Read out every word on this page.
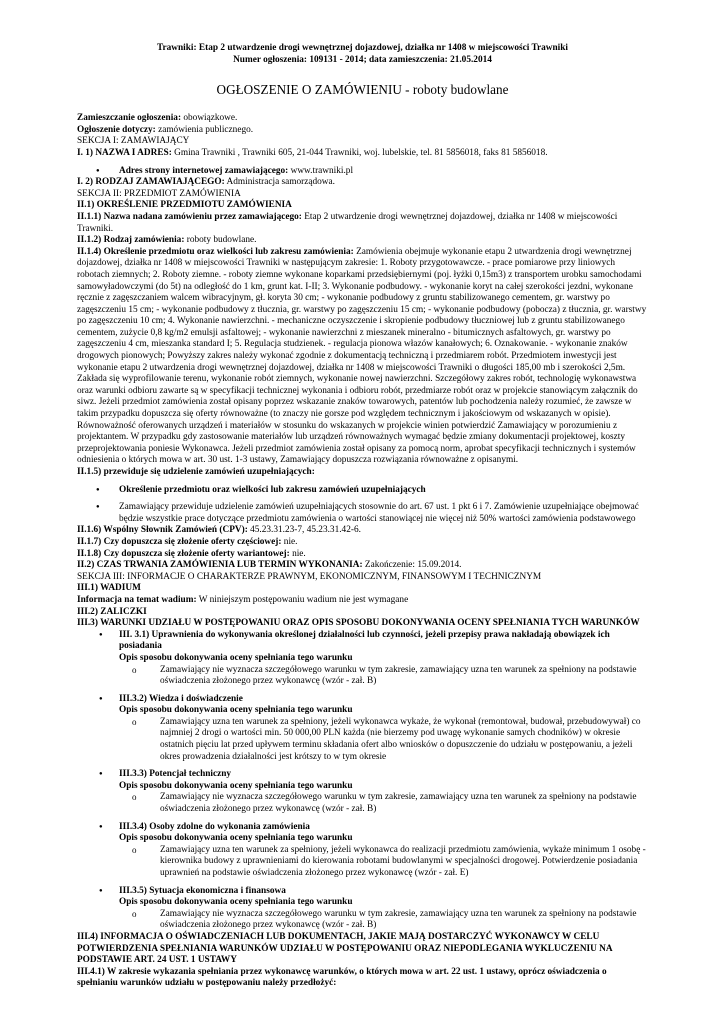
Trawniki: Etap 2 utwardzenie drogi wewnętrznej dojazdowej, działka nr 1408 w miejscowości Trawniki
Numer ogłoszenia: 109131 - 2014; data zamieszczenia: 21.05.2014
OGŁOSZENIE O ZAMÓWIENIU - roboty budowlane

Zamieszczanie ogłoszenia: obowiązkowe.

Ogłoszenie dotyczy: zamówienia publicznego.

SEKCJA I: ZAMAWIAJĄCY

I. 1) NAZWA I ADRES: Gmina Trawniki , Trawniki 605, 21-044 Trawniki, woj. lubelskie, tel. 81 5856018, faks 81 5856018.

● Adres strony internetowej zamawiającego: www.trawniki.pl

I. 2) RODZAJ ZAMAWIAJĄCEGO: Administracja samorządowa.

SEKCJA II: PRZEDMIOT ZAMÓWIENIA

II.1) OKREŚLENIE PRZEDMIOTU ZAMÓWIENIA

II.1.1) Nazwa nadana zamówieniu przez zamawiającego: Etap 2 utwardzenie drogi wewnętrznej dojazdowej, działka nr 1408 w miejscowości Trawniki.

II.1.2) Rodzaj zamówienia: roboty budowlane.

II.1.4) Określenie przedmiotu oraz wielkości lub zakresu zamówienia: Zamówienia obejmuje wykonanie etapu 2 utwardzenia drogi wewnętrznej dojazdowej, działka nr 1408 w miejscowości Trawniki w następującym zakresie: 1. Roboty przygotowawcze. - prace pomiarowe przy liniowych robotach ziemnych; 2. Roboty ziemne. - roboty ziemne wykonane koparkami przedsiębiernymi (poj. łyżki 0,15m3) z transportem urobku samochodami samowyładowczymi (do 5t) na odległość do 1 km, grunt kat. I-II; 3. Wykonanie podbudowy. - wykonanie koryt na całej szerokości jezdni, wykonane ręcznie z zagęszczaniem walcem wibracyjnym, gł. koryta 30 cm; - wykonanie podbudowy z gruntu stabilizowanego cementem, gr. warstwy po zagęszczeniu 15 cm; - wykonanie podbudowy z tłucznia, gr. warstwy po zagęszczeniu 15 cm; - wykonanie podbudowy (pobocza) z tłucznia, gr. warstwy po zagęszczeniu 10 cm; 4. Wykonanie nawierzchni. - mechaniczne oczyszczenie i skropienie podbudowy tłuczniowej lub z gruntu stabilizowanego cementem, zużycie 0,8 kg/m2 emulsji asfaltowej; - wykonanie nawierzchni z mieszanek mineralno - bitumicznych asfaltowych, gr. warstwy po zagęszczeniu 4 cm, mieszanka standard I; 5. Regulacja studzienek. - regulacja pionowa włazów kanałowych; 6. Oznakowanie. - wykonanie znaków drogowych pionowych; Powyższy zakres należy wykonać zgodnie z dokumentacją techniczną i przedmiarem robót. Przedmiotem inwestycji jest wykonanie etapu 2 utwardzenia drogi wewnętrznej dojazdowej, działka nr 1408 w miejscowości Trawniki o długości 185,00 mb i szerokości 2,5m. Zakłada się wyprofilowanie terenu, wykonanie robót ziemnych, wykonanie nowej nawierzchni. Szczegółowy zakres robót, technologię wykonawstwa oraz warunki odbioru zawarte są w specyfikacji technicznej wykonania i odbioru robót, przedmiarze robót oraz w projekcie stanowiącym załącznik do siwz. Jeżeli przedmiot zamówienia został opisany poprzez wskazanie znaków towarowych, patentów lub pochodzenia należy rozumieć, że zawsze w takim przypadku dopuszcza się oferty równoważne (to znaczy nie gorsze pod względem technicznym i jakościowym od wskazanych w opisie). Równoważność oferowanych urządzeń i materiałów w stosunku do wskazanych w projekcie winien potwierdzić Zamawiający w porozumieniu z projektantem. W przypadku gdy zastosowanie materiałów lub urządzeń równoważnych wymagać będzie zmiany dokumentacji projektowej, koszty przeprojektowania poniesie Wykonawca. Jeżeli przedmiot zamówienia został opisany za pomocą norm, aprobat specyfikacji technicznych i systemów odniesienia o których mowa w art. 30 ust. 1-3 ustawy, Zamawiający dopuszcza rozwiązania równoważne z opisanymi.

II.1.5) przewiduje się udzielenie zamówień uzupełniających:

● Określenie przedmiotu oraz wielkości lub zakresu zamówień uzupełniających
● Zamawiający przewiduje udzielenie zamówień uzupełniających stosownie do art. 67 ust. 1 pkt 6 i 7. Zamówienie uzupełniające obejmować będzie wszystkie prace dotyczące przedmiotu zamówienia o wartości stanowiącej nie więcej niż 50% wartości zamówienia podstawowego

II.1.6) Wspólny Słownik Zamówień (CPV): 45.23.31.23-7, 45.23.31.42-6.

II.1.7) Czy dopuszcza się złożenie oferty częściowej: nie.

II.1.8) Czy dopuszcza się złożenie oferty wariantowej: nie.

II.2) CZAS TRWANIA ZAMÓWIENIA LUB TERMIN WYKONANIA: Zakończenie: 15.09.2014.

SEKCJA III: INFORMACJE O CHARAKTERZE PRAWNYM, EKONOMICZNYM, FINANSOWYM I TECHNICZNYM

III.1) WADIUM

Informacja na temat wadium: W niniejszym postępowaniu wadium nie jest wymagane

III.2) ZALICZKI

III.3) WARUNKI UDZIAŁU W POSTĘPOWANIU ORAZ OPIS SPOSOBU DOKONYWANIA OCENY SPEŁNIANIA TYCH WARUNKÓW

● III. 3.1) Uprawnienia do wykonywania określonej działalności lub czynności, jeżeli przepisy prawa nakładają obowiązek ich posiadania
Opis sposobu dokonywania oceny spełniania tego warunku
o Zamawiający nie wyznacza szczegółowego warunku w tym zakresie, zamawiający uzna ten warunek za spełniony na podstawie oświadczenia złożonego przez wykonawcę (wzór - zał. B)
● III.3.2) Wiedza i doświadczenie
Opis sposobu dokonywania oceny spełniania tego warunku
o Zamawiający uzna ten warunek za spełniony, jeżeli wykonawca wykaże, że wykonał (remontował, budował, przebudowywał) co najmniej 2 drogi o wartości min. 50 000,00 PLN każda (nie bierzemy pod uwagę wykonanie samych chodników) w okresie ostatnich pięciu lat przed upływem terminu składania ofert albo wniosków o dopuszczenie do udziału w postępowaniu, a jeżeli okres prowadzenia działalności jest krótszy to w tym okresie
● III.3.3) Potencjał techniczny
Opis sposobu dokonywania oceny spełniania tego warunku
o Zamawiający nie wyznacza szczegółowego warunku w tym zakresie, zamawiający uzna ten warunek za spełniony na podstawie oświadczenia złożonego przez wykonawcę (wzór - zał. B)
● III.3.4) Osoby zdolne do wykonania zamówienia
Opis sposobu dokonywania oceny spełniania tego warunku
o Zamawiający uzna ten warunek za spełniony, jeżeli wykonawca do realizacji przedmiotu zamówienia, wykaże minimum 1 osobę - kierownika budowy z uprawnieniami do kierowania robotami budowlanymi w specjalności drogowej. Potwierdzenie posiadania uprawnień na podstawie oświadczenia złożonego przez wykonawcę (wzór - zał. E)
● III.3.5) Sytuacja ekonomiczna i finansowa
Opis sposobu dokonywania oceny spełniania tego warunku
o Zamawiający nie wyznacza szczegółowego warunku w tym zakresie, zamawiający uzna ten warunek za spełniony na podstawie oświadczenia złożonego przez wykonawcę (wzór - zał. B)

III.4) INFORMACJA O OŚWIADCZENIACH LUB DOKUMENTACH, JAKIE MAJĄ DOSTARCZYĆ WYKONAWCY W CELU POTWIERDZENIA SPEŁNIANIA WARUNKÓW UDZIAŁU W POSTĘPOWANIU ORAZ NIEPODLEGANIA WYKLUCZENIU NA PODSTAWIE ART. 24 UST. 1 USTAWY

III.4.1) W zakresie wykazania spełniania przez wykonawcę warunków, o których mowa w art. 22 ust. 1 ustawy, oprócz oświadczenia o spełnianiu warunków udziału w postępowaniu należy przedłożyć:
